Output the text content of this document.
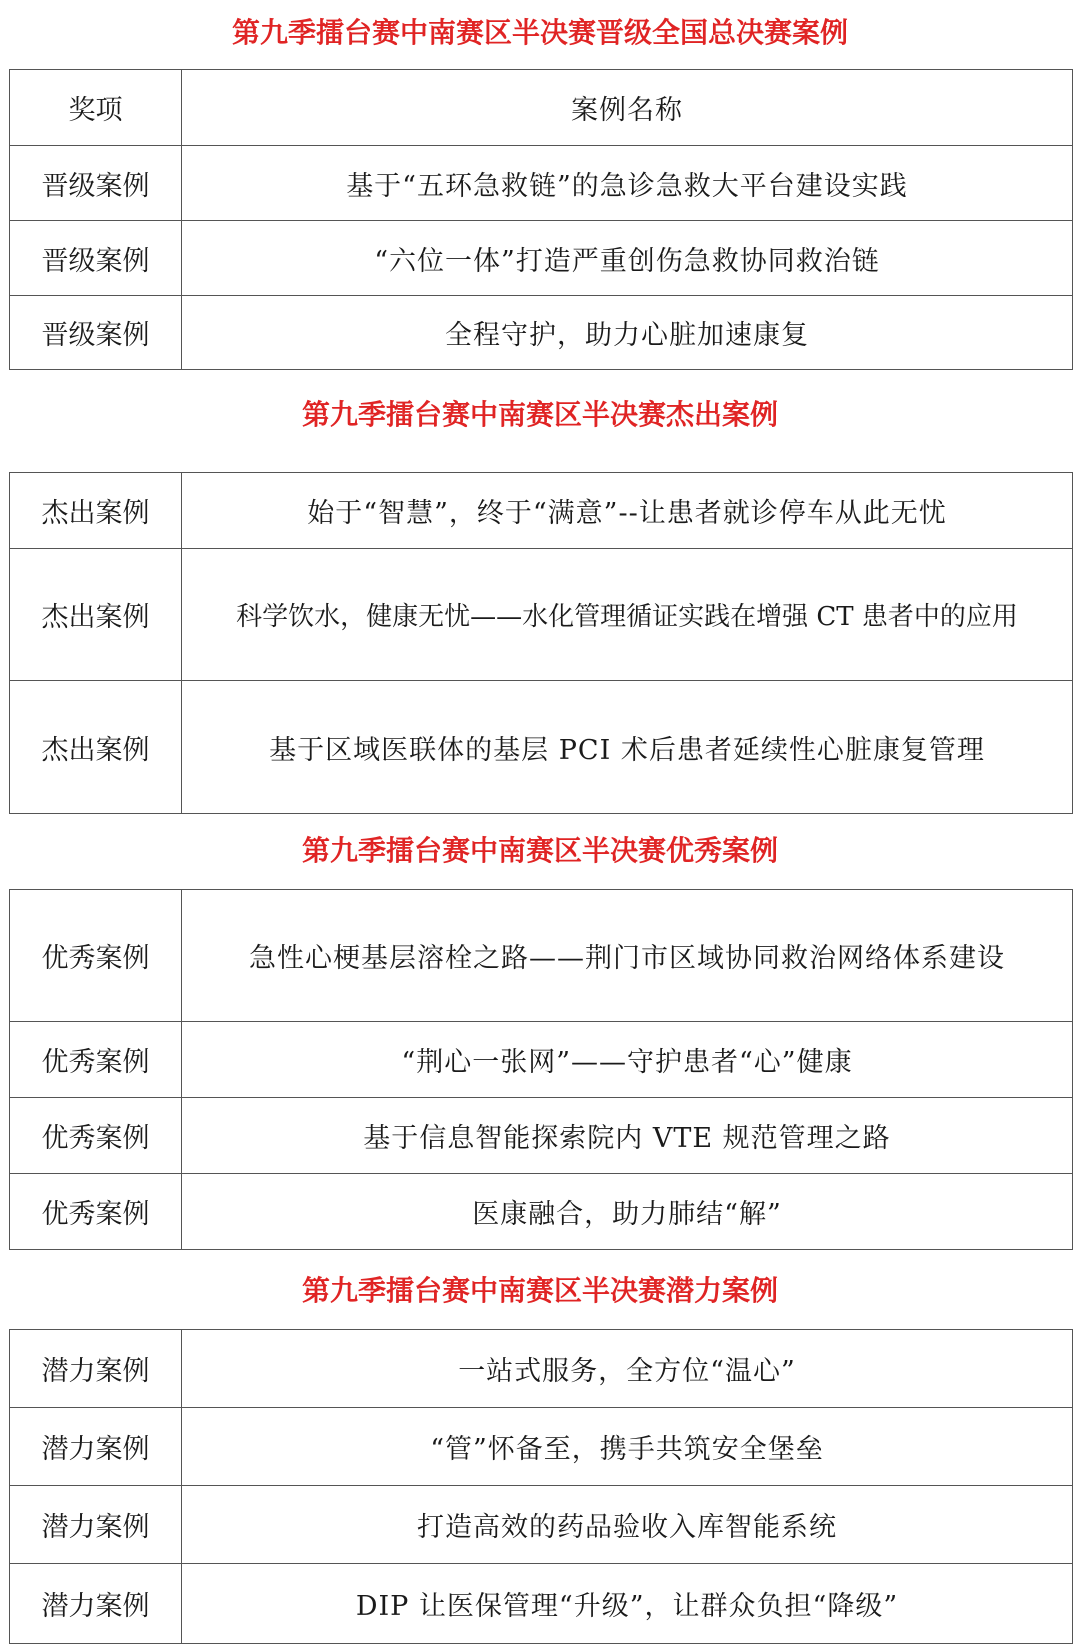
第九季擂台赛中南赛区半决赛晋级全国总决赛案例
奖项	案例名称
晋级案例	基于“五环急救链”的急诊急救大平台建设实践
晋级案例	“六位一体”打造严重创伤急救协同救治链
晋级案例	全程守护，助力心脏加速康复
第九季擂台赛中南赛区半决赛杰出案例
杰出案例	始于“智慧”，终于“满意”--让患者就诊停车从此无忧
杰出案例	科学饮水，健康无忧——水化管理循证实践在增强 CT 患者中的应用
杰出案例	基于区域医联体的基层 PCI 术后患者延续性心脏康复管理
第九季擂台赛中南赛区半决赛优秀案例
优秀案例	急性心梗基层溶栓之路——荆门市区域协同救治网络体系建设
优秀案例	“荆心一张网”——守护患者“心”健康
优秀案例	基于信息智能探索院内 VTE 规范管理之路
优秀案例	医康融合，助力肺结“解”
第九季擂台赛中南赛区半决赛潜力案例
潜力案例	一站式服务，全方位“温心”
潜力案例	“管”怀备至，携手共筑安全堡垒
潜力案例	打造高效的药品验收入库智能系统
潜力案例	DIP 让医保管理“升级”，让群众负担“降级”
